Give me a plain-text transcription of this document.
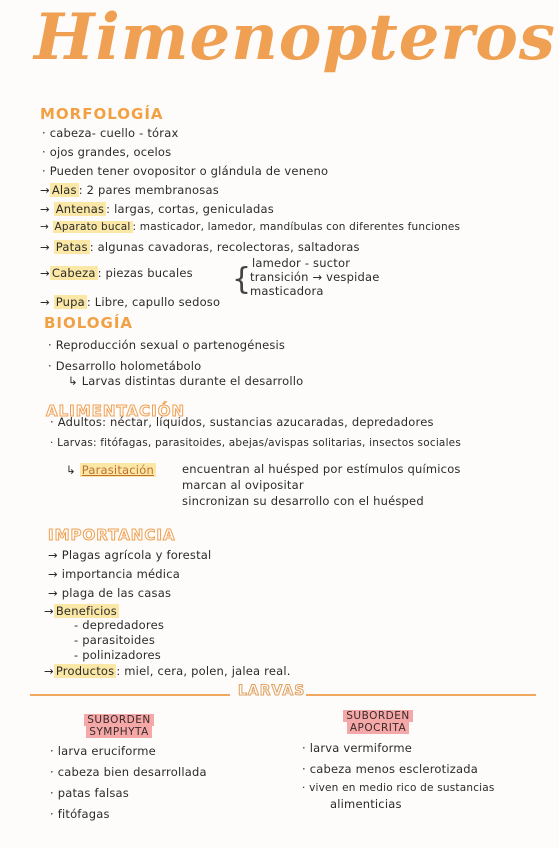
Himenopteros
MORFOLOGÍA
· cabeza- cuello - tórax
· ojos grandes, ocelos
· Pueden tener ovopositor o glándula de veneno
→ Alas : 2 pares membranosas
→ Antenas : largas, cortas, geniculadas
→ Aparato bucal : masticador, lamedor, mandíbulas con diferentes funciones
→ Patas : algunas cavadoras, recolectoras, saltadoras
→ Cabeza : piezas bucales { lamedor - suctor
transición → vespidae
masticadora
→ Pupa : Libre, capullo sedoso
BIOLOGÍA
· Reproducción sexual o partenogénesis
· Desarrollo holometábolo
↳ Larvas distintas durante el desarrollo
ALIMENTACIÓN
· Adultos: néctar, líquidos, sustancias azucaradas, depredadores
· Larvas: fitófagas, parasitoides, abejas/avispas solitarias, insectos sociales
↳ Parasitación encuentran al huésped por estímulos químicos
marcan al ovipositar
sincronizan su desarrollo con el huésped
IMPORTANCIA
→ Plagas agrícola y forestal
→ importancia médica
→ plaga de las casas
→ Beneficios
- depredadores
- parasitoides
- polinizadores
→ Productos : miel, cera, polen, jalea real.
LARVAS
SUBORDEN
SYMPHYTA
· larva eruciforme
· cabeza bien desarrollada
· patas falsas
· fitófagas
SUBORDEN
APOCRITA
· larva vermiforme
· cabeza menos esclerotizada
· viven en medio rico de sustancias
alimenticias
